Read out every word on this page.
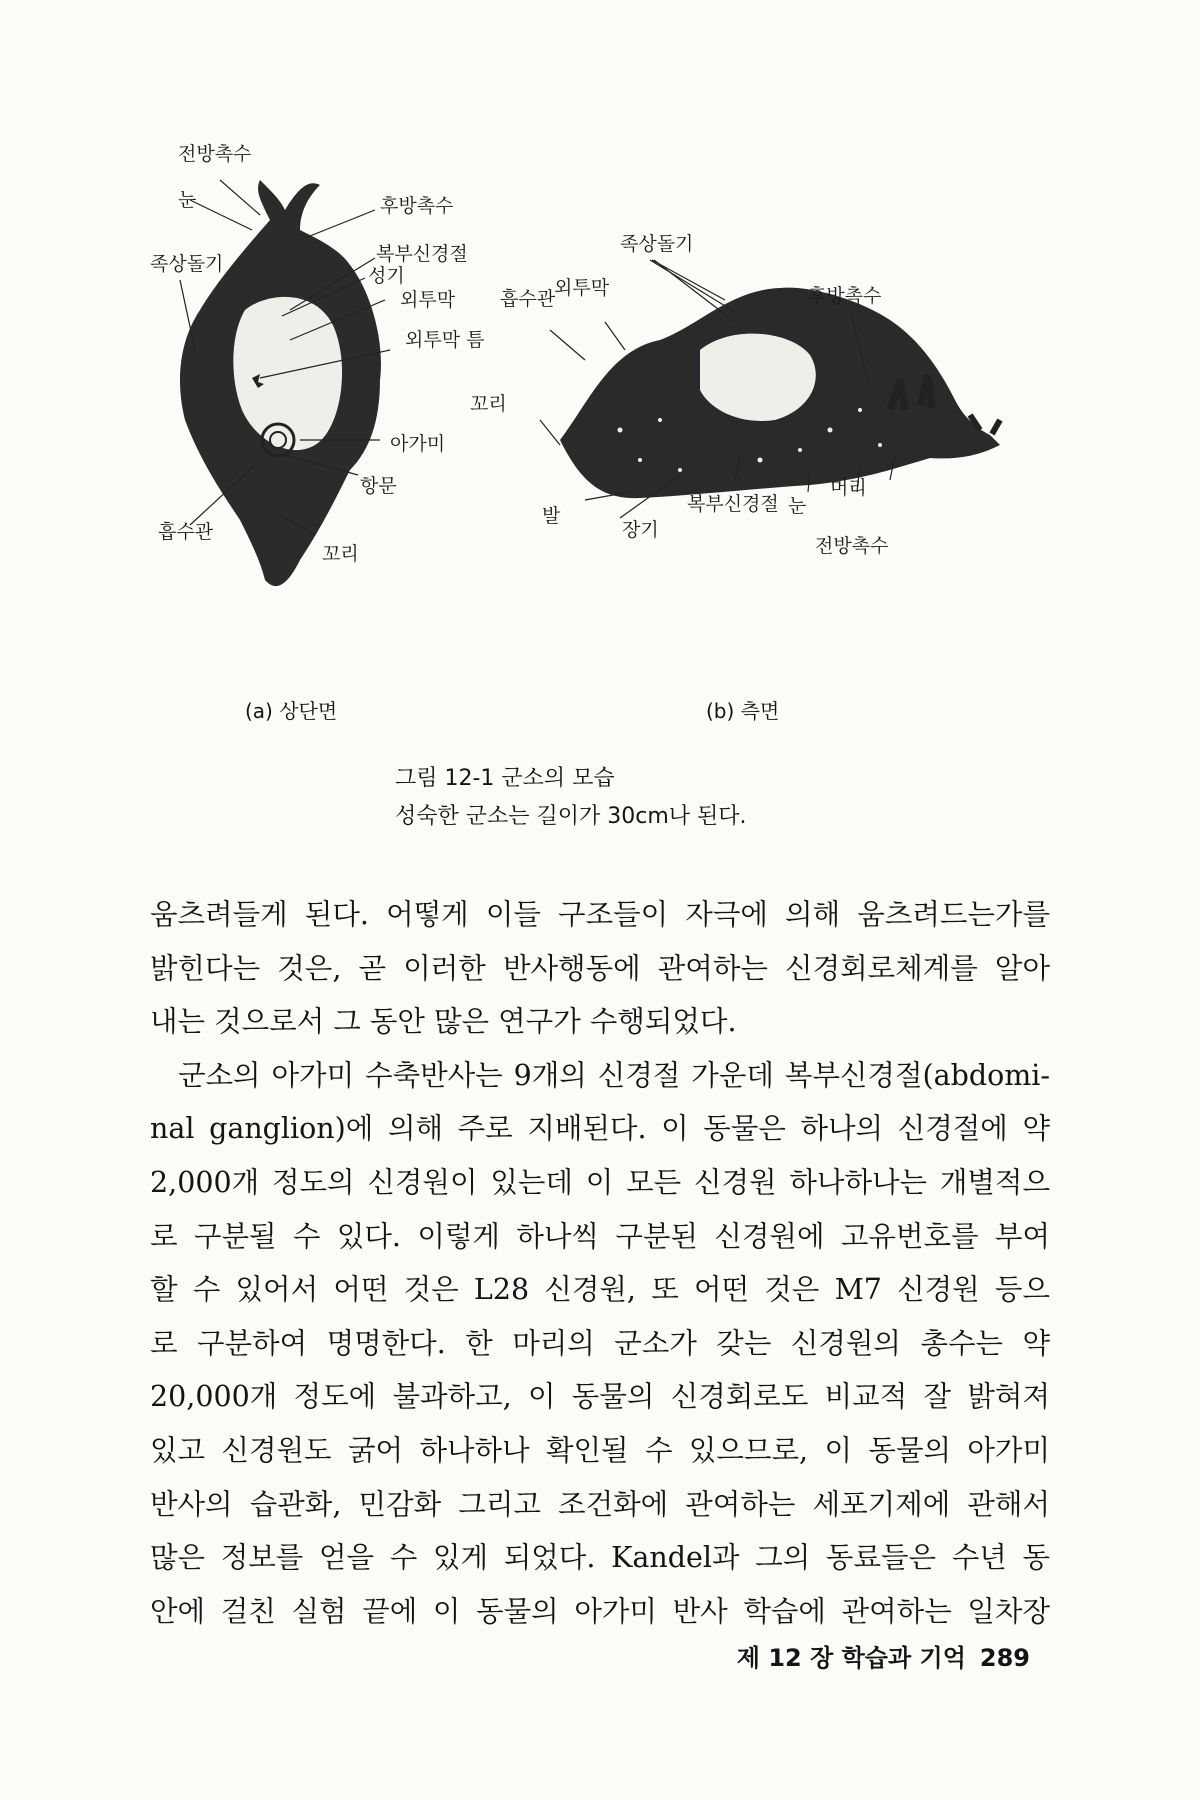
전방촉수
눈
족상돌기
후방촉수
복부신경절
성기
외투막
외투막 틈
아가미
항문
흡수관
꼬리
족상돌기
외투막
흡수관	후방촉수
꼬리
발
장기
복부신경절 눈
머리
전방촉수
(a) 상단면	(b) 측면
그림 12-1 군소의 모습
성숙한 군소는 길이가 30cm나 된다.
움츠려들게 된다. 어떻게 이들 구조들이 자극에 의해 움츠려드는가를
밝힌다는 것은, 곧 이러한 반사행동에 관여하는 신경회로체계를 알아
내는 것으로서 그 동안 많은 연구가 수행되었다.
군소의 아가미 수축반사는 9개의 신경절 가운데 복부신경절(abdomi-
nal ganglion)에 의해 주로 지배된다. 이 동물은 하나의 신경절에 약
2,000개 정도의 신경원이 있는데 이 모든 신경원 하나하나는 개별적으
로 구분될 수 있다. 이렇게 하나씩 구분된 신경원에 고유번호를 부여
할 수 있어서 어떤 것은 L28 신경원, 또 어떤 것은 M7 신경원 등으
로 구분하여 명명한다. 한 마리의 군소가 갖는 신경원의 총수는 약
20,000개 정도에 불과하고, 이 동물의 신경회로도 비교적 잘 밝혀져
있고 신경원도 굵어 하나하나 확인될 수 있으므로, 이 동물의 아가미
반사의 습관화, 민감화 그리고 조건화에 관여하는 세포기제에 관해서
많은 정보를 얻을 수 있게 되었다. Kandel과 그의 동료들은 수년 동
안에 걸친 실험 끝에 이 동물의 아가미 반사 학습에 관여하는 일차장
제 12 장 학습과 기억 289
